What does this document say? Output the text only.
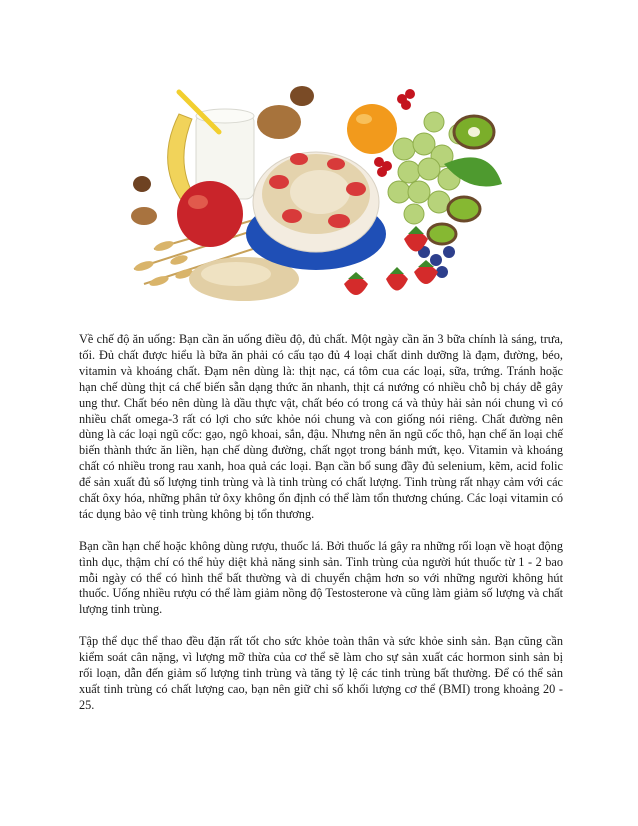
Về chế độ ăn uống: Bạn cần ăn uống điều độ, đủ chất. Một ngày cần ăn 3 bữa chính là sáng, trưa, tối. Đủ chất được hiểu là bữa ăn phải có cấu tạo đủ 4 loại chất dinh dưỡng là đạm, đường, béo, vitamin và khoáng chất. Đạm nên dùng là: thịt nạc, cá tôm cua các loại, sữa, trứng. Tránh hoặc hạn chế dùng thịt cá chế biến sẵn dạng thức ăn nhanh, thịt cá nướng có nhiều chỗ bị cháy dễ gây ung thư. Chất béo nên dùng là dầu thực vật, chất béo có trong cá và thủy hải sản nói chung vì có nhiều chất omega-3 rất có lợi cho sức khỏe nói chung và con giống nói riêng. Chất đường nên dùng là các loại ngũ cốc: gạo, ngô khoai, sắn, đậu. Nhưng nên ăn ngũ cốc thô, hạn chế ăn loại chế biến thành thức ăn liền, hạn chế dùng đường, chất ngọt trong bánh mứt, kẹo. Vitamin và khoáng chất có nhiều trong rau xanh, hoa quả các loại. Bạn cần bổ sung đầy đủ selenium, kẽm, acid folic để sản xuất đủ số lượng tinh trùng và là tinh trùng có chất lượng. Tinh trùng rất nhạy cảm với các chất ôxy hóa, những phân tử ôxy không ổn định có thể làm tổn thương chúng. Các loại vitamin có tác dụng bảo vệ tinh trùng không bị tổn thương.

Bạn cần hạn chế hoặc không dùng rượu, thuốc lá. Bởi thuốc lá gây ra những rối loạn về hoạt động tình dục, thậm chí có thể hủy diệt khả năng sinh sản. Tinh trùng của người hút thuốc từ 1 - 2 bao mỗi ngày có thể có hình thể bất thường và di chuyển chậm hơn so với những người không hút thuốc. Uống nhiều rượu có thể làm giảm nồng độ Testosterone và cũng làm giảm số lượng và chất lượng tinh trùng.

Tập thể dục thể thao đều đặn rất tốt cho sức khỏe toàn thân và sức khỏe sinh sản. Bạn cũng cần kiểm soát cân nặng, vì lượng mỡ thừa của cơ thể sẽ làm cho sự sản xuất các hormon sinh sản bị rối loạn, dẫn đến giảm số lượng tinh trùng và tăng tỷ lệ các tinh trùng bất thường. Để có thể sản xuất tinh trùng có chất lượng cao, bạn nên giữ chỉ số khối lượng cơ thể (BMI) trong khoảng 20 - 25.
